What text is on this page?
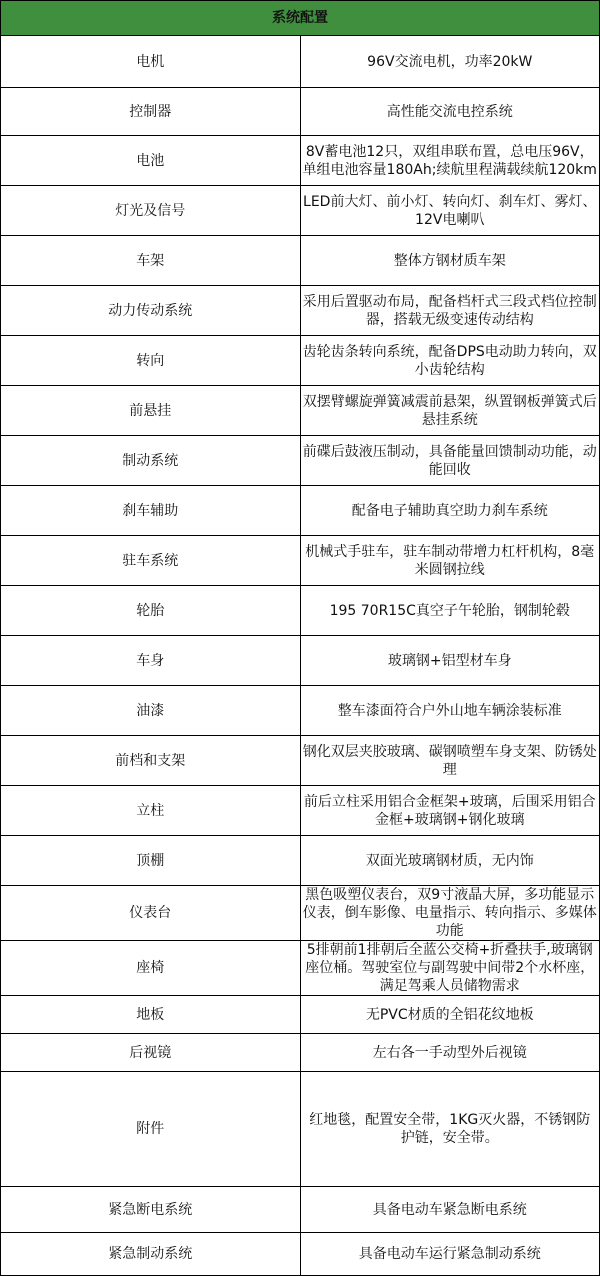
系统配置	
电机	96V交流电机，功率20kW
控制器	高性能交流电控系统
电池	8V蓄电池12只，双组串联布置，总电压96V，单组电池容量180Ah;续航里程满载续航120km
灯光及信号	LED前大灯、前小灯、转向灯、刹车灯、雾灯、12V电喇叭
车架	整体方钢材质车架
动力传动系统	采用后置驱动布局，配备档杆式三段式档位控制器，搭载无级变速传动结构
转向	齿轮齿条转向系统，配备DPS电动助力转向，双小齿轮结构
前悬挂	双摆臂螺旋弹簧减震前悬架，纵置钢板弹簧式后悬挂系统
制动系统	前碟后鼓液压制动，具备能量回馈制动功能，动能回收
刹车辅助	配备电子辅助真空助力刹车系统
驻车系统	机械式手驻车，驻车制动带增力杠杆机构，8毫米圆钢拉线
轮胎	195 70R15C真空子午轮胎，钢制轮毂
车身	玻璃钢+铝型材车身
油漆	整车漆面符合户外山地车辆涂装标准
前档和支架	钢化双层夹胶玻璃、碳钢喷塑车身支架、防锈处理
立柱	前后立柱采用铝合金框架+玻璃，后围采用铝合金框+玻璃钢+钢化玻璃
顶棚	双面光玻璃钢材质，无内饰
仪表台	黑色吸塑仪表台，双9寸液晶大屏，多功能显示仪表，倒车影像、电量指示、转向指示、多媒体功能
座椅	5排朝前1排朝后全蓝公交椅+折叠扶手,玻璃钢座位桶。驾驶室位与副驾驶中间带2个水杯座，满足驾乘人员储物需求
地板	无PVC材质的全铝花纹地板
后视镜	左右各一手动型外后视镜
附件	红地毯，配置安全带，1KG灭火器，不锈钢防护链，安全带。
紧急断电系统	具备电动车紧急断电系统
紧急制动系统	具备电动车运行紧急制动系统
